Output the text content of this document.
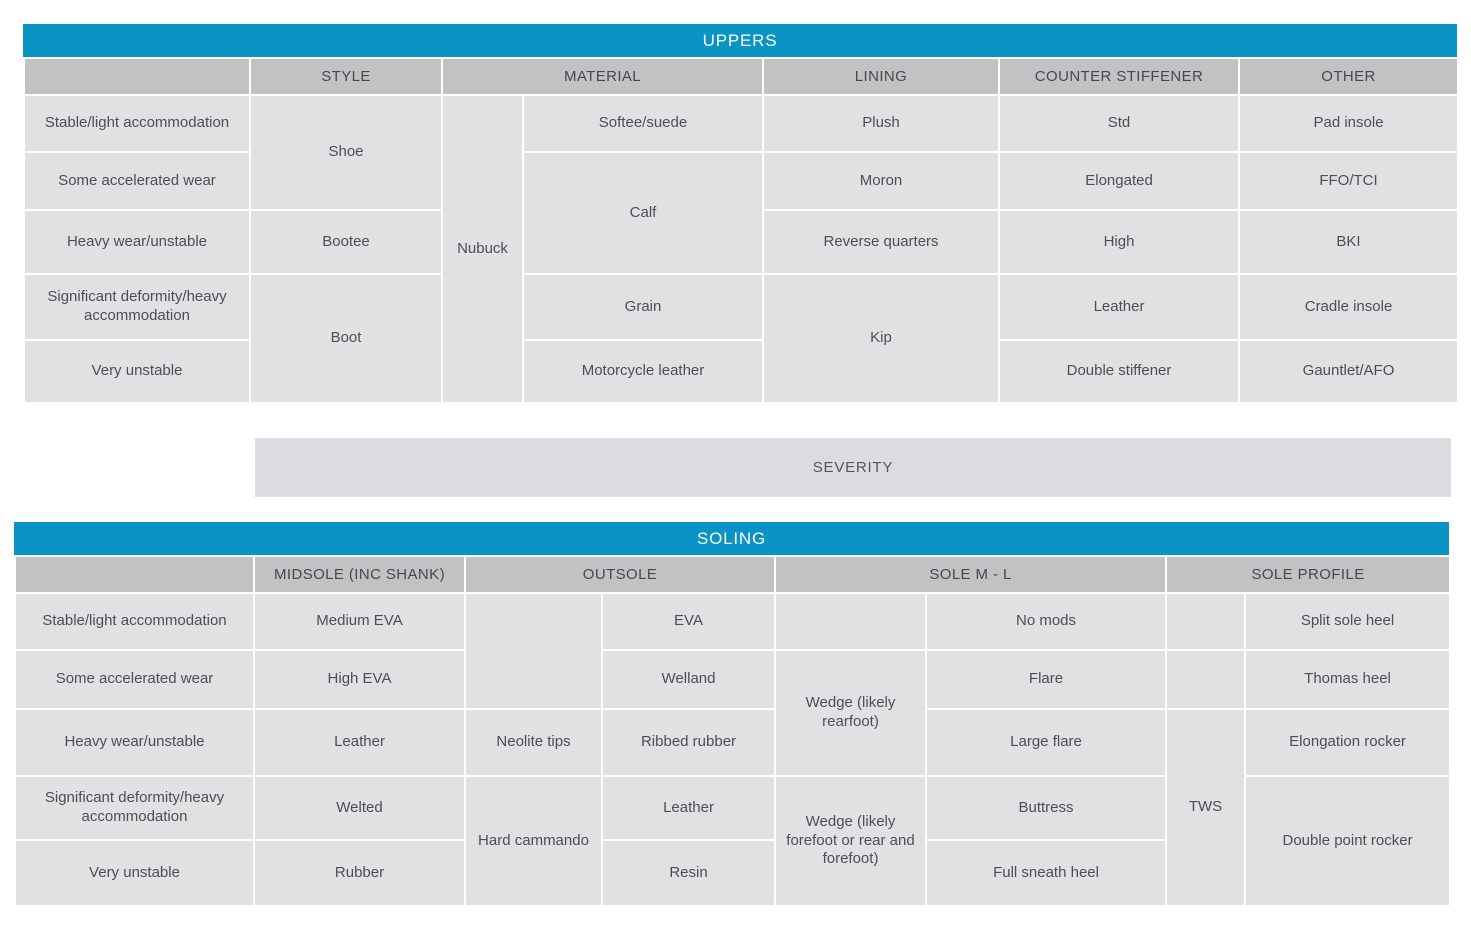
UPPERS
	STYLE	MATERIAL		LINING	COUNTER STIFFENER	OTHER
Stable/light accommodation	Shoe	Nubuck	Softee/suede	Plush	Std	Pad insole
Some accelerated wear			Calf	Moron	Elongated	FFO/TCI
Heavy wear/unstable	Bootee			Reverse quarters	High	BKI
Significant deformity/heavy accommodation	Boot		Grain	Kip	Leather	Cradle insole
Very unstable			Motorcycle leather		Double stiffener	Gauntlet/AFO
SEVERITY
SOLING
	MIDSOLE (INC SHANK)	OUTSOLE		SOLE M - L		SOLE PROFILE	
Stable/light accommodation	Medium EVA		EVA		No mods		Split sole heel
Some accelerated wear	High EVA		Welland	Wedge (likely rearfoot)	Flare		Thomas heel
Heavy wear/unstable	Leather	Neolite tips	Ribbed rubber		Large flare	TWS	Elongation rocker
Significant deformity/heavy accommodation	Welted	Hard cammando	Leather	Wedge (likely forefoot or rear and forefoot)	Buttress		Double point rocker
Very unstable	Rubber		Resin		Full sneath heel		
